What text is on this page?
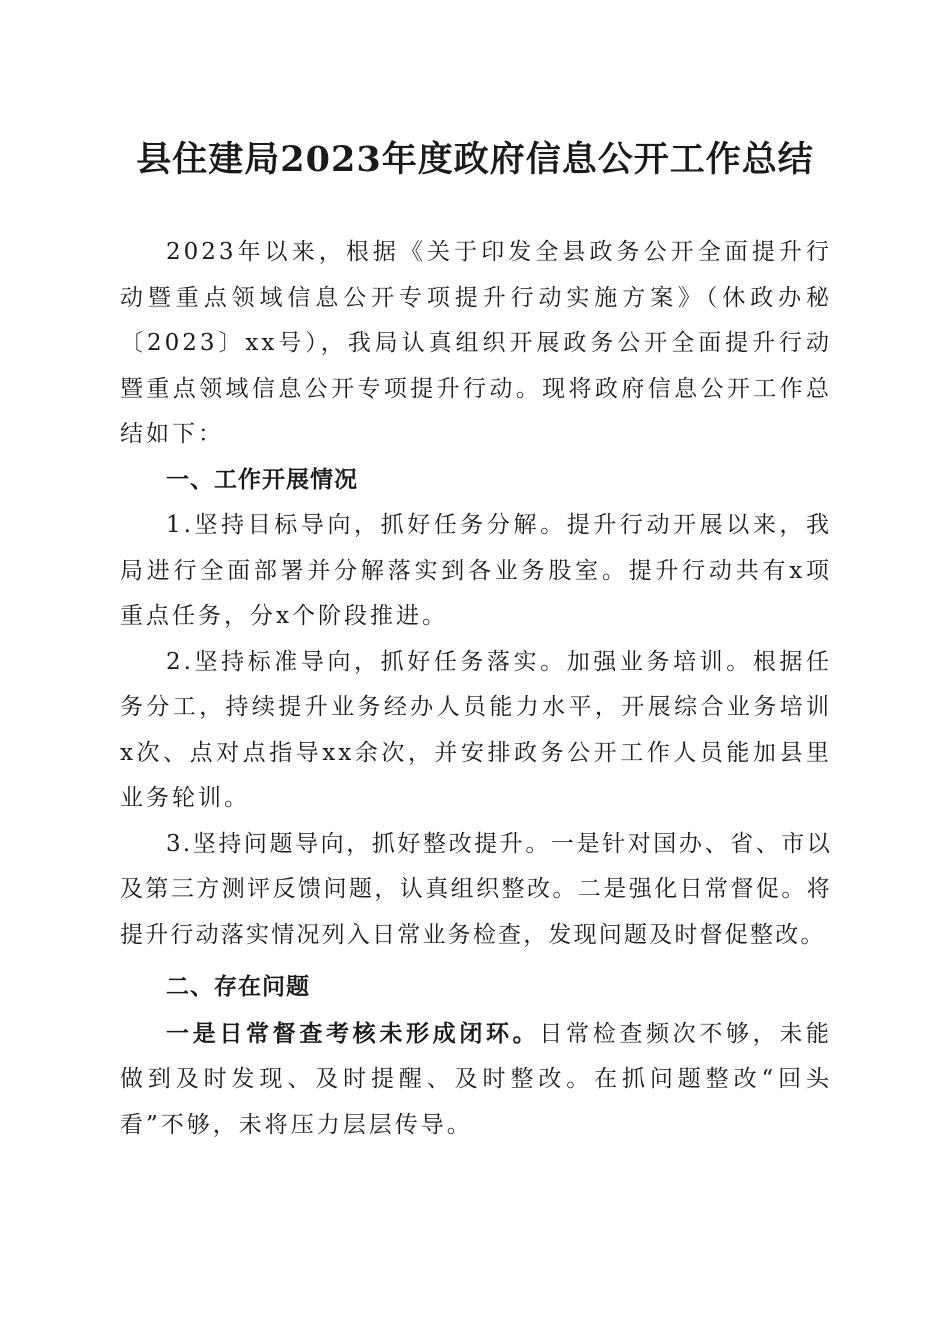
县住建局2023年度政府信息公开工作总结

2023年以来，根据《关于印发全县政务公开全面提升行动暨重点领域信息公开专项提升行动实施方案》（休政办秘〔2023〕xx号），我局认真组织开展政务公开全面提升行动暨重点领域信息公开专项提升行动。现将政府信息公开工作总结如下：

一、工作开展情况

1.坚持目标导向，抓好任务分解。提升行动开展以来，我局进行全面部署并分解落实到各业务股室。提升行动共有x项重点任务，分x个阶段推进。

2.坚持标准导向，抓好任务落实。加强业务培训。根据任务分工，持续提升业务经办人员能力水平，开展综合业务培训x次、点对点指导xx余次，并安排政务公开工作人员能加县里业务轮训。

3.坚持问题导向，抓好整改提升。一是针对国办、省、市以及第三方测评反馈问题，认真组织整改。二是强化日常督促。将提升行动落实情况列入日常业务检查，发现问题及时督促整改。

二、存在问题

一是日常督查考核未形成闭环。日常检查频次不够，未能做到及时发现、及时提醒、及时整改。在抓问题整改“回头看”不够，未将压力层层传导。
